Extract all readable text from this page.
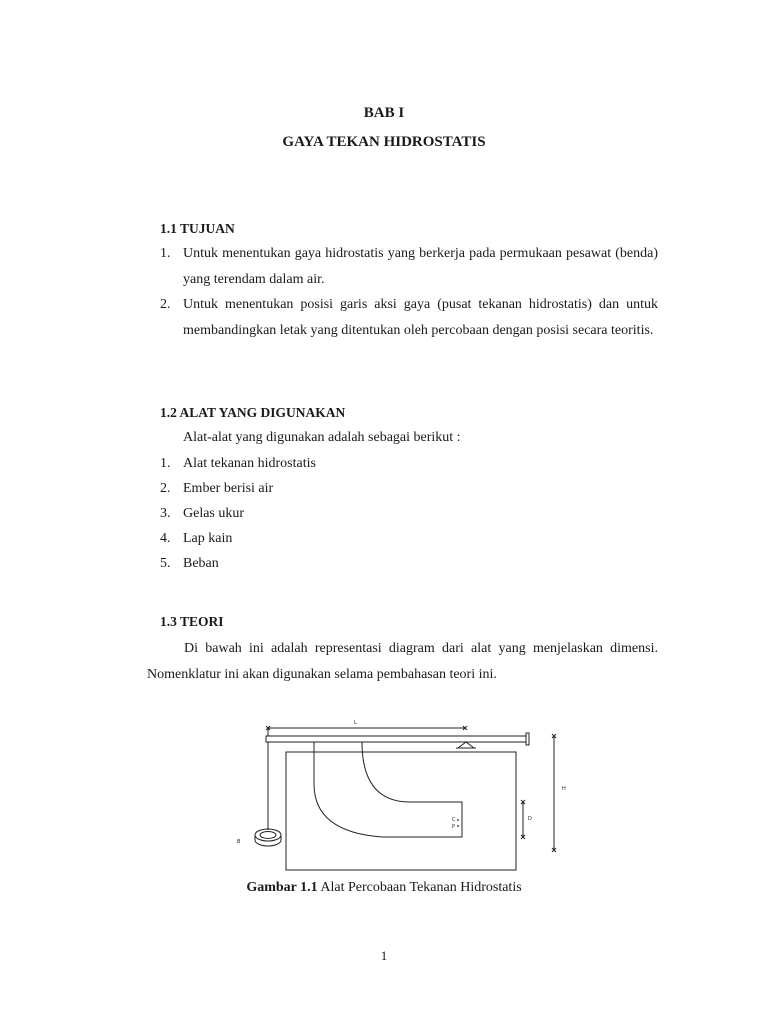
BAB I
GAYA TEKAN HIDROSTATIS
1.1 TUJUAN
1. Untuk menentukan gaya hidrostatis yang berkerja pada permukaan pesawat (benda) yang terendam dalam air.

2. Untuk menentukan posisi garis aksi gaya (pusat tekanan hidrostatis) dan untuk membandingkan letak yang ditentukan oleh percobaan dengan posisi secara teoritis.

1.2 ALAT YANG DIGUNAKAN
Alat-alat yang digunakan adalah sebagai berikut :
1. Alat tekanan hidrostatis
2. Ember berisi air
3. Gelas ukur
4. Lap kain
5. Beban
1.3 TEORI

Di bawah ini adalah representasi diagram dari alat yang menjelaskan dimensi. Nomenklatur ini akan digunakan selama pembahasan teori ini.

L
H
D
C
P
B

Gambar 1.1 Alat Percobaan Tekanan Hidrostatis

1
